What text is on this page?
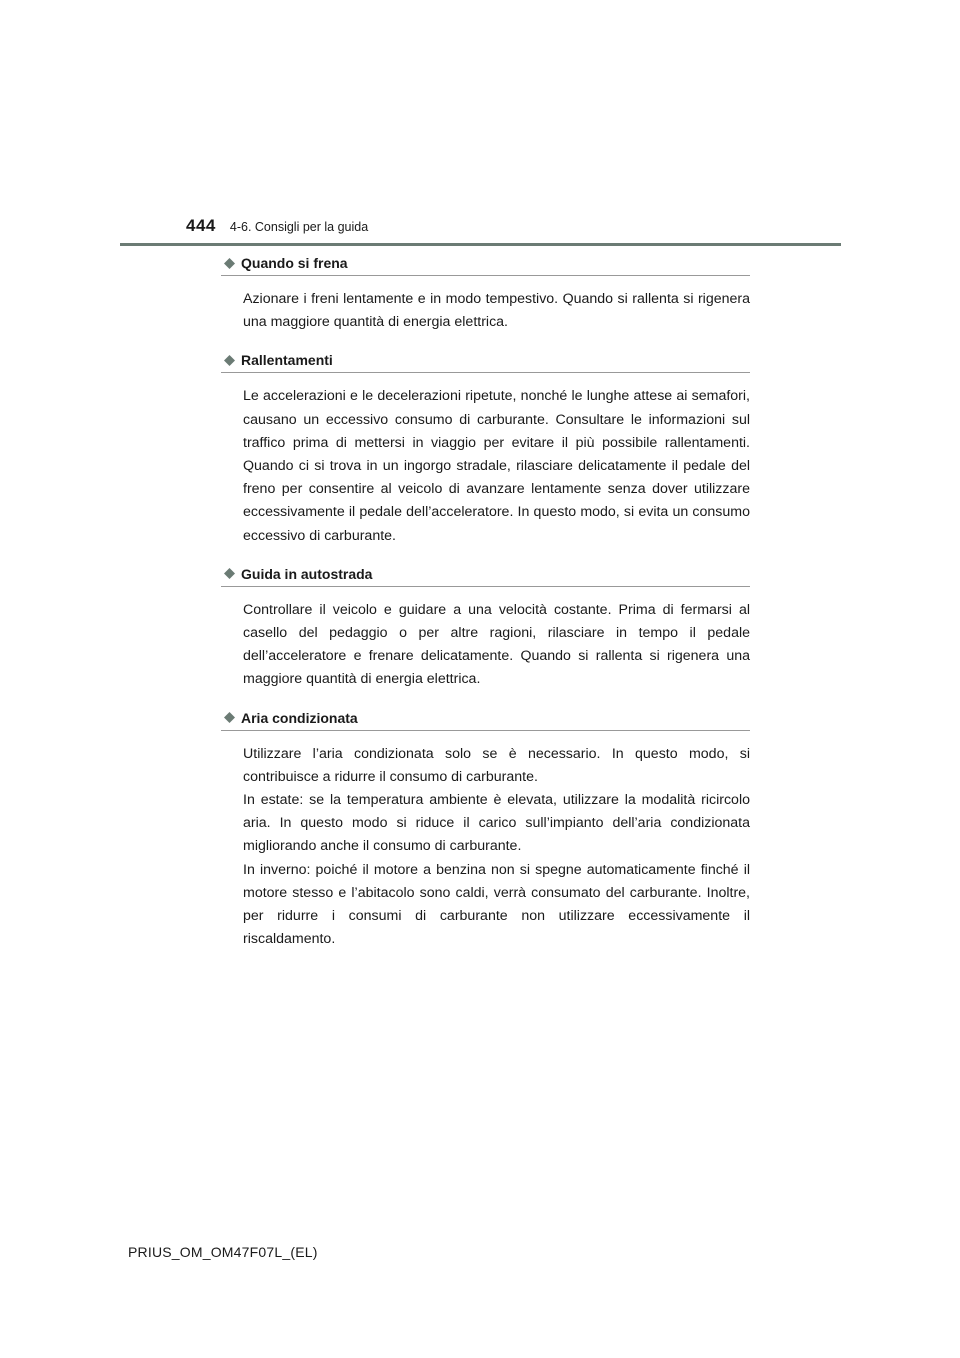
444 4-6. Consigli per la guida
Quando si frena

Azionare i freni lentamente e in modo tempestivo. Quando si rallenta si rigenera una maggiore quantità di energia elettrica.

Rallentamenti

Le accelerazioni e le decelerazioni ripetute, nonché le lunghe attese ai semafori, causano un eccessivo consumo di carburante. Consultare le informazioni sul traffico prima di mettersi in viaggio per evitare il più possibile rallentamenti. Quando ci si trova in un ingorgo stradale, rilasciare delicatamente il pedale del freno per consentire al veicolo di avanzare lentamente senza dover utilizzare eccessivamente il pedale dell’acceleratore. In questo modo, si evita un consumo eccessivo di carburante.

Guida in autostrada

Controllare il veicolo e guidare a una velocità costante. Prima di fermarsi al casello del pedaggio o per altre ragioni, rilasciare in tempo il pedale dell’acceleratore e frenare delicatamente. Quando si rallenta si rigenera una maggiore quantità di energia elettrica.

Aria condizionata

Utilizzare l’aria condizionata solo se è necessario. In questo modo, si contribuisce a ridurre il consumo di carburante.

In estate: se la temperatura ambiente è elevata, utilizzare la modalità ricircolo aria. In questo modo si riduce il carico sull’impianto dell’aria condizionata migliorando anche il consumo di carburante.

In inverno: poiché il motore a benzina non si spegne automaticamente finché il motore stesso e l’abitacolo sono caldi, verrà consumato del carburante. Inoltre, per ridurre i consumi di carburante non utilizzare eccessivamente il riscaldamento.

PRIUS_OM_OM47F07L_(EL)
